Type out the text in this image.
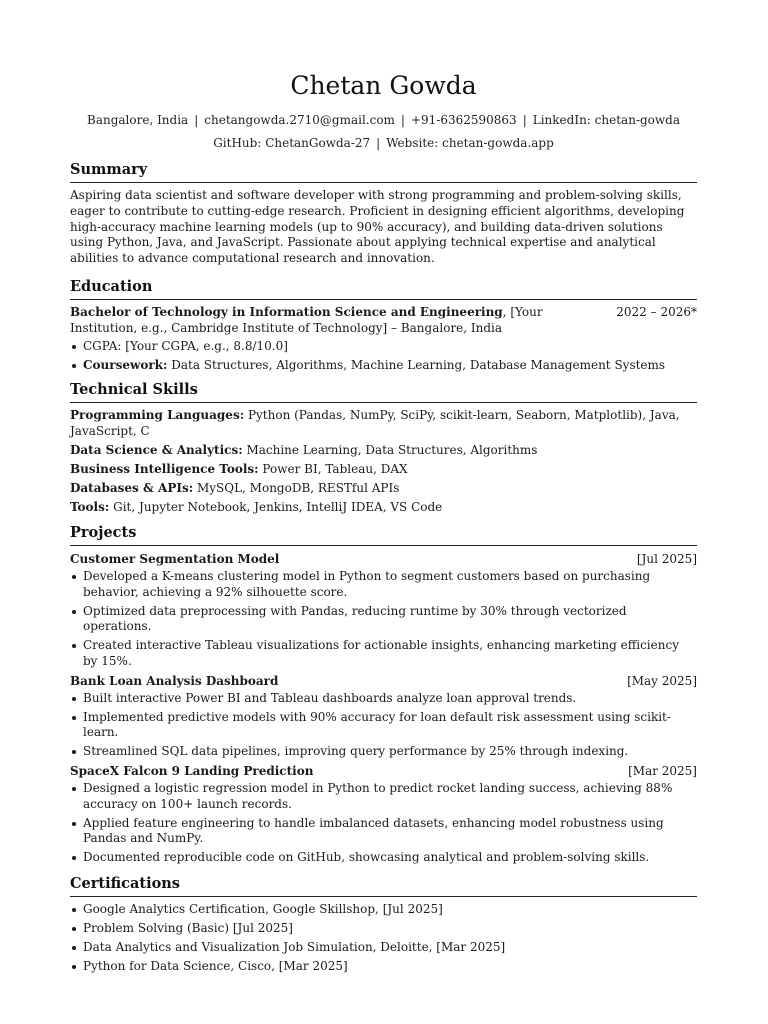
Chetan Gowda
Bangalore, India | chetangowda.2710@gmail.com | +91-6362590863 | LinkedIn: chetan-gowda
GitHub: ChetanGowda-27 | Website: chetan-gowda.app
Summary
Aspiring data scientist and software developer with strong programming and problem-solving skills, eager to contribute to cutting-edge research. Proficient in designing efficient algorithms, developing high-accuracy machine learning models (up to 90% accuracy), and building data-driven solutions using Python, Java, and JavaScript. Passionate about applying technical expertise and analytical abilities to advance computational research and innovation.
Education
Bachelor of Technology in Information Science and Engineering, [Your Institution, e.g., Cambridge Institute of Technology] – Bangalore, India
2022 – 2026*
CGPA: [Your CGPA, e.g., 8.8/10.0]
Coursework: Data Structures, Algorithms, Machine Learning, Database Management Systems
Technical Skills
Programming Languages: Python (Pandas, NumPy, SciPy, scikit-learn, Seaborn, Matplotlib), Java, JavaScript, C
Data Science & Analytics: Machine Learning, Data Structures, Algorithms
Business Intelligence Tools: Power BI, Tableau, DAX
Databases & APIs: MySQL, MongoDB, RESTful APIs
Tools: Git, Jupyter Notebook, Jenkins, IntelliJ IDEA, VS Code
Projects
Customer Segmentation Model	[Jul 2025]
Developed a K-means clustering model in Python to segment customers based on purchasing behavior, achieving a 92% silhouette score.
Optimized data preprocessing with Pandas, reducing runtime by 30% through vectorized operations.
Created interactive Tableau visualizations for actionable insights, enhancing marketing efficiency by 15%.
Bank Loan Analysis Dashboard	[May 2025]
Built interactive Power BI and Tableau dashboards analyze loan approval trends.
Implemented predictive models with 90% accuracy for loan default risk assessment using scikit-learn.
Streamlined SQL data pipelines, improving query performance by 25% through indexing.
SpaceX Falcon 9 Landing Prediction	[Mar 2025]
Designed a logistic regression model in Python to predict rocket landing success, achieving 88% accuracy on 100+ launch records.
Applied feature engineering to handle imbalanced datasets, enhancing model robustness using Pandas and NumPy.
Documented reproducible code on GitHub, showcasing analytical and problem-solving skills.
Certifications
Google Analytics Certification, Google Skillshop, [Jul 2025]
Problem Solving (Basic) [Jul 2025]
Data Analytics and Visualization Job Simulation, Deloitte, [Mar 2025]
Python for Data Science, Cisco, [Mar 2025]
